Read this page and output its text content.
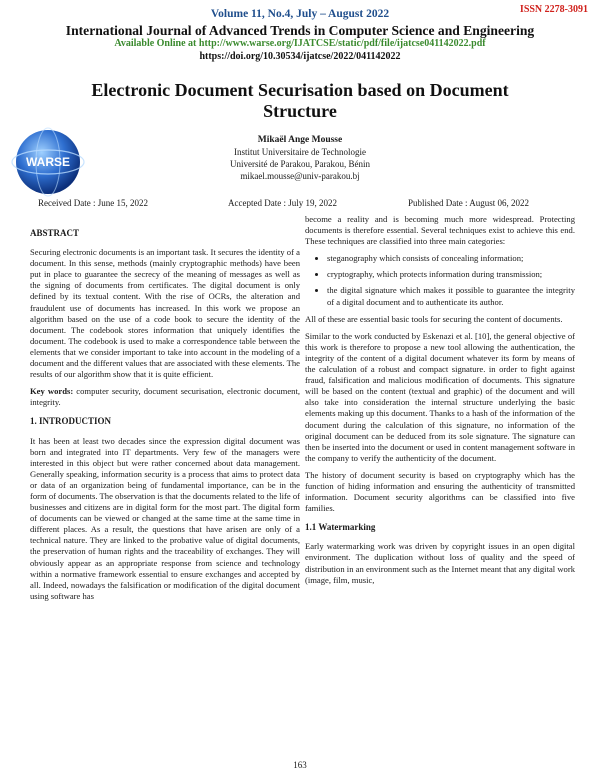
ISSN 2278-3091
Volume 11, No.4, July – August 2022
International Journal of Advanced Trends in Computer Science and Engineering
Available Online at http://www.warse.org/IJATCSE/static/pdf/file/ijatcse041142022.pdf
https://doi.org/10.30534/ijatcse/2022/041142022
Electronic Document Securisation based on Document Structure
WARSE
Mikaël Ange Mousse
Institut Universitaire de Technologie
Université de Parakou, Parakou, Bénin
mikael.mousse@univ-parakou.bj
Received Date : June 15, 2022	Accepted Date : July 19, 2022	Published Date : August 06, 2022
ABSTRACT

Securing electronic documents is an important task. It secures the identity of a document. In this sense, methods (mainly cryptographic methods) have been put in place to guarantee the secrecy of the meaning of messages as well as the signing of documents from certificates. The digital document is only defined by its textual content. With the rise of OCRs, the alteration and fraudulent use of documents has increased. In this work we propose an algorithm based on the use of a code book to secure the identity of the document. The codebook stores information that uniquely identifies the document. The codebook is used to make a correspondence table between the elements that we consider important to take into account in the modeling of a document and the different values that are associated with these elements. The results of our algorithm show that it is quite efficient.

Key words: computer security, document securisation, electronic document, integrity.

1. INTRODUCTION

It has been at least two decades since the expression digital document was born and integrated into IT departments. Very few of the managers were interested in this object but were rather concerned about data management. Generally speaking, information security is a process that aims to protect data or data of an organization being of fundamental importance, can be in the form of documents. The observation is that the documents related to the life of businesses and citizens are in digital form for the most part. The digital form of documents can be viewed or changed at the same time at the same time in different places. As a result, the questions that have arisen are only of a technical nature. They are linked to the probative value of digital documents, the preservation of human rights and the traceability of exchanges. They will obviously appear as an appropriate response from science and technology within a normative framework essential to ensure exchanges and accepted by all. Indeed, nowadays the falsification or modification of the digital document using software has

become a reality and is becoming much more widespread. Protecting documents is therefore essential. Several techniques exist to achieve this end. These techniques are classified into three main categories:

• steganography which consists of concealing information;
• cryptography, which protects information during transmission;
• the digital signature which makes it possible to guarantee the integrity of a digital document and to authenticate its author.

All of these are essential basic tools for securing the content of documents.

Similar to the work conducted by Eskenazi et al. [10], the general objective of this work is therefore to propose a new tool allowing the authentication, the integrity of the content of a digital document whatever its form by means of the calculation of a robust and compact signature. in order to fight against fraud, falsification and malicious modification of documents. This signature will be based on the content (textual and graphic) of the document and will also take into consideration the internal structure underlying the basic elements making up this document. Thanks to a hash of the information of the document during the calculation of this signature, no information of the original document can be deduced from its sole signature. The signature can then be inserted into the document or used in content management software in the company to verify the authenticity of the document.

The history of document security is based on cryptography which has the function of hiding information and ensuring the authenticity of transmitted information. Document security algorithms can be classified into five families.

1.1 Watermarking

Early watermarking work was driven by copyright issues in an open digital environment. The duplication without loss of quality and the speed of distribution in an environment such as the Internet meant that any digital work (image, film, music,

163
